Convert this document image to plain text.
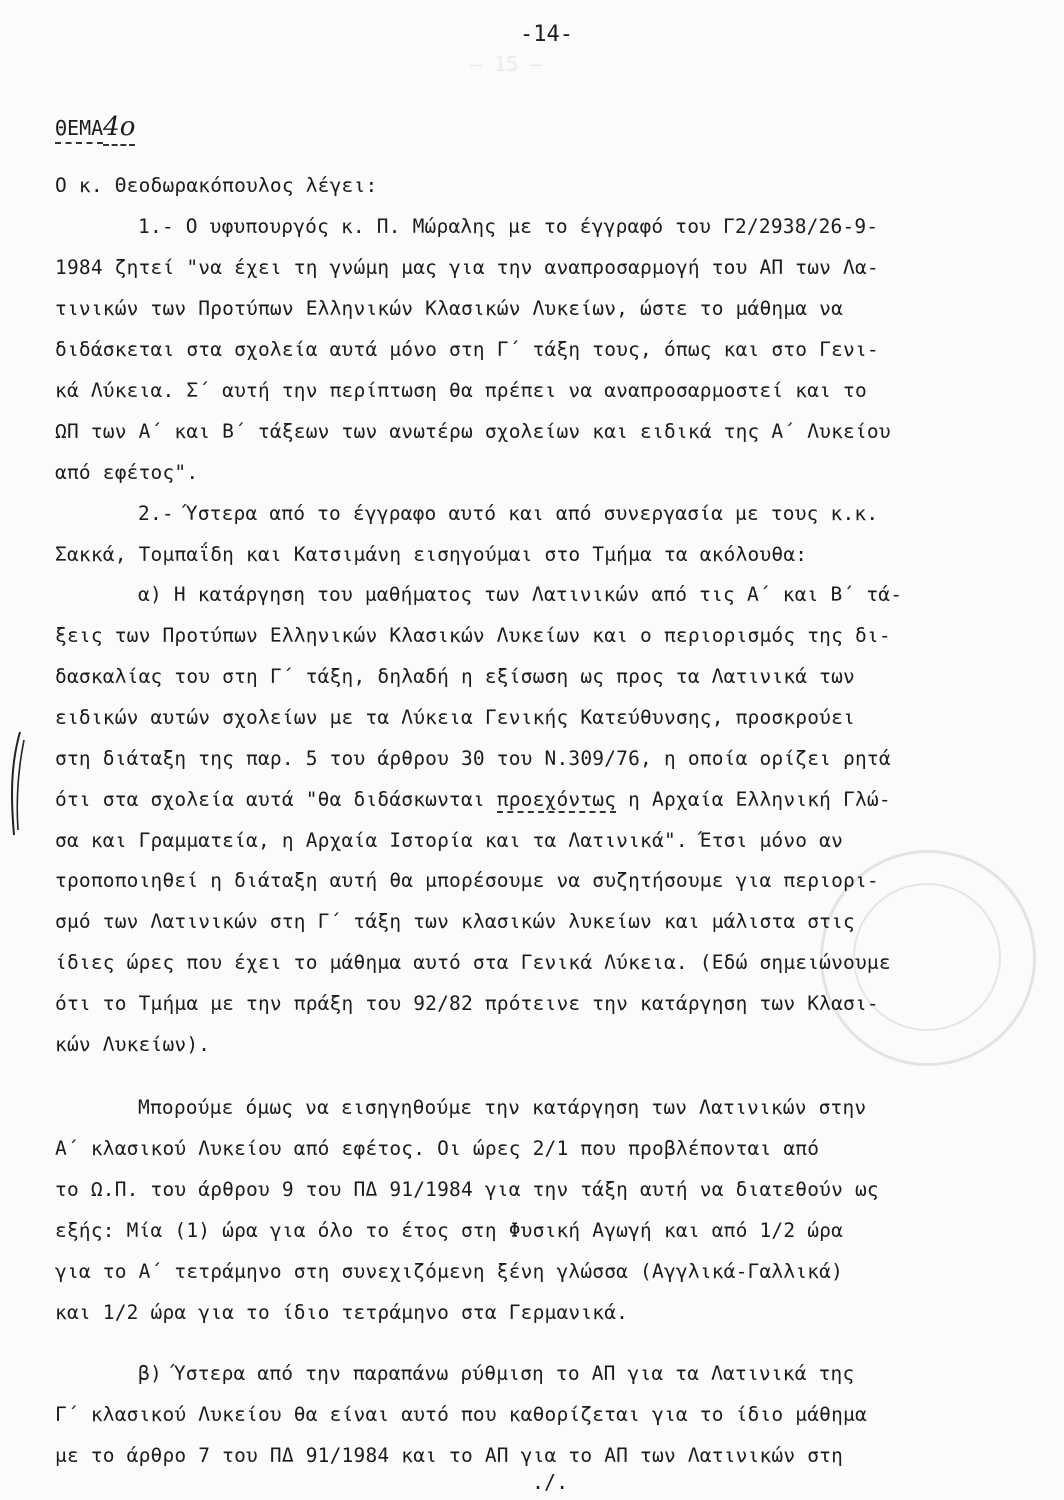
— 15 —
-14-
ΘΕΜΑ4ο
Ο κ. Θεοδωρακόπουλος λέγει:
1.- Ο υφυπουργός κ. Π. Μώραλης με το έγγραφό του Γ2/2938/26-9-
1984 ζητεί "να έχει τη γνώμη μας για την αναπροσαρμογή του ΑΠ των Λα-
τινικών των Προτύπων Ελληνικών Κλασικών Λυκείων, ώστε το μάθημα να
διδάσκεται στα σχολεία αυτά μόνο στη Γ΄ τάξη τους, όπως και στο Γενι-
κά Λύκεια. Σ΄ αυτή την περίπτωση θα πρέπει να αναπροσαρμοστεί και το
ΩΠ των Α΄ και Β΄ τάξεων των ανωτέρω σχολείων και ειδικά της Α΄ Λυκείου
από εφέτος".
2.- Ύστερα από το έγγραφο αυτό και από συνεργασία με τους κ.κ.
Σακκά, Τομπαΐδη και Κατσιμάνη εισηγούμαι στο Τμήμα τα ακόλουθα:
α) Η κατάργηση του μαθήματος των Λατινικών από τις Α΄ και Β΄ τά-
ξεις των Προτύπων Ελληνικών Κλασικών Λυκείων και ο περιορισμός της δι-
δασκαλίας του στη Γ΄ τάξη, δηλαδή η εξίσωση ως προς τα Λατινικά των
ειδικών αυτών σχολείων με τα Λύκεια Γενικής Κατεύθυνσης, προσκρούει
στη διάταξη της παρ. 5 του άρθρου 30 του Ν.309/76, η οποία ορίζει ρητά
ότι στα σχολεία αυτά "θα διδάσκωνται προεχόντως η Αρχαία Ελληνική Γλώ-
σα και Γραμματεία, η Αρχαία Ιστορία και τα Λατινικά". Έτσι μόνο αν
τροποποιηθεί η διάταξη αυτή θα μπορέσουμε να συζητήσουμε για περιορι-
σμό των Λατινικών στη Γ΄ τάξη των κλασικών λυκείων και μάλιστα στις
ίδιες ώρες που έχει το μάθημα αυτό στα Γενικά Λύκεια. (Εδώ σημειώνουμε
ότι το Τμήμα με την πράξη του 92/82 πρότεινε την κατάργηση των Κλασι-
κών Λυκείων).
Μπορούμε όμως να εισηγηθούμε την κατάργηση των Λατινικών στην
Α΄ κλασικού Λυκείου από εφέτος. Οι ώρες 2/1 που προβλέπονται από
το Ω.Π. του άρθρου 9 του ΠΔ 91/1984 για την τάξη αυτή να διατεθούν ως
εξής: Μία (1) ώρα για όλο το έτος στη Φυσική Αγωγή και από 1/2 ώρα
για το Α΄ τετράμηνο στη συνεχιζόμενη ξένη γλώσσα (Αγγλικά-Γαλλικά)
και 1/2 ώρα για το ίδιο τετράμηνο στα Γερμανικά.
β) Ύστερα από την παραπάνω ρύθμιση το ΑΠ για τα Λατινικά της
Γ΄ κλασικού Λυκείου θα είναι αυτό που καθορίζεται για το ίδιο μάθημα
με το άρθρο 7 του ΠΔ 91/1984 και το ΑΠ για το ΑΠ των Λατινικών στη
./.
